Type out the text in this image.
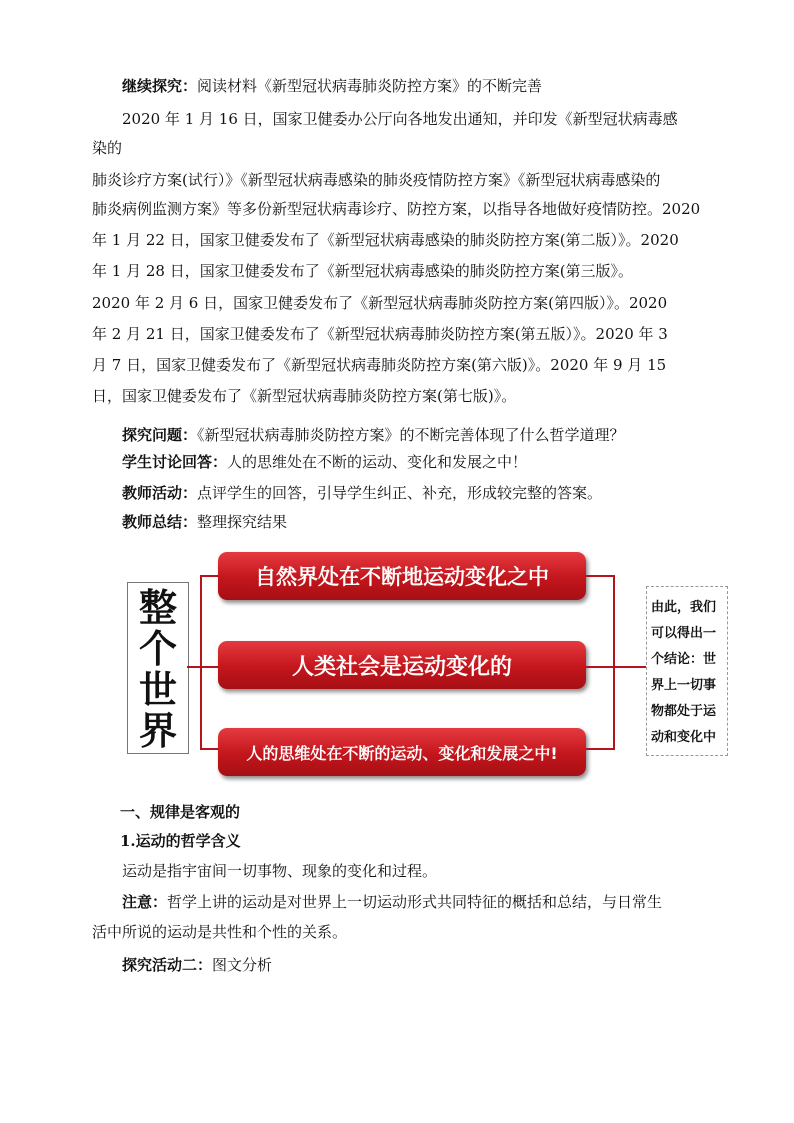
继续探究：阅读材料《新型冠状病毒肺炎防控方案》的不断完善

2020 年 1 月 16 日，国家卫健委办公厅向各地发出通知，并印发《新型冠状病毒感

染的

肺炎诊疗方案(试行）》《新型冠状病毒感染的肺炎疫情防控方案》《新型冠状病毒感染的

肺炎病例监测方案》等多份新型冠状病毒诊疗、防控方案，以指导各地做好疫情防控。2020

年 1 月 22 日，国家卫健委发布了《新型冠状病毒感染的肺炎防控方案(第二版）》。2020

年 1 月 28 日，国家卫健委发布了《新型冠状病毒感染的肺炎防控方案(第三版》。

2020 年 2 月 6 日，国家卫健委发布了《新型冠状病毒肺炎防控方案(第四版）》。2020

年 2 月 21 日，国家卫健委发布了《新型冠状病毒肺炎防控方案(第五版）》。2020 年 3

月 7 日，国家卫健委发布了《新型冠状病毒肺炎防控方案(第六版)》。2020 年 9 月 15

日，国家卫健委发布了《新型冠状病毒肺炎防控方案(第七版)》。

探究问题：《新型冠状病毒肺炎防控方案》的不断完善体现了什么哲学道理？

学生讨论回答：人的思维处在不断的运动、变化和发展之中！

教师活动：点评学生的回答，引导学生纠正、补充，形成较完整的答案。

教师总结：整理探究结果

整
个
世
界
自然界处在不断地运动变化之中
人类社会是运动变化的
人的思维处在不断的运动、变化和发展之中!
由此，我们可以得出一个结论：世界上一切事物都处于运动和变化中

一、规律是客观的

1.运动的哲学含义

运动是指宇宙间一切事物、现象的变化和过程。

注意：哲学上讲的运动是对世界上一切运动形式共同特征的概括和总结，与日常生

活中所说的运动是共性和个性的关系。

探究活动二：图文分析
